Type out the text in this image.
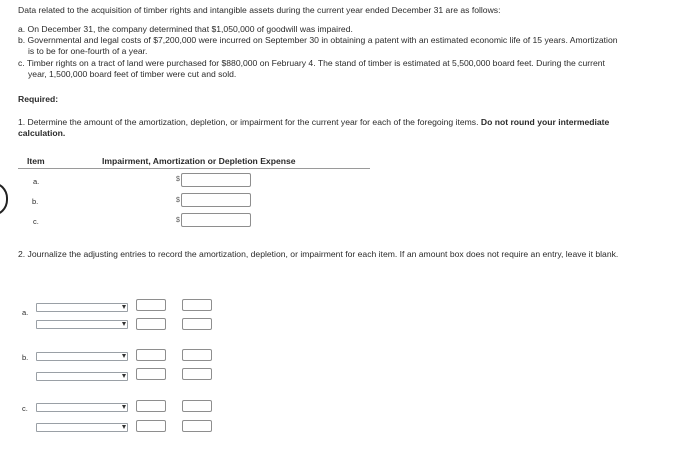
Data related to the acquisition of timber rights and intangible assets during the current year ended December 31 are as follows:
a. On December 31, the company determined that $1,050,000 of goodwill was impaired.
b. Governmental and legal costs of $7,200,000 were incurred on September 30 in obtaining a patent with an estimated economic life of 15 years. Amortization
is to be for one-fourth of a year.
c. Timber rights on a tract of land were purchased for $880,000 on February 4. The stand of timber is estimated at 5,500,000 board feet. During the current
year, 1,500,000 board feet of timber were cut and sold.
Required:
1. Determine the amount of the amortization, depletion, or impairment for the current year for each of the foregoing items. Do not round your intermediate calculation.
Item	Impairment, Amortization or Depletion Expense
a.	$
b.	$
c.	$
2. Journalize the adjusting entries to record the amortization, depletion, or impairment for each item. If an amount box does not require an entry, leave it blank.
a.
b.
c.
